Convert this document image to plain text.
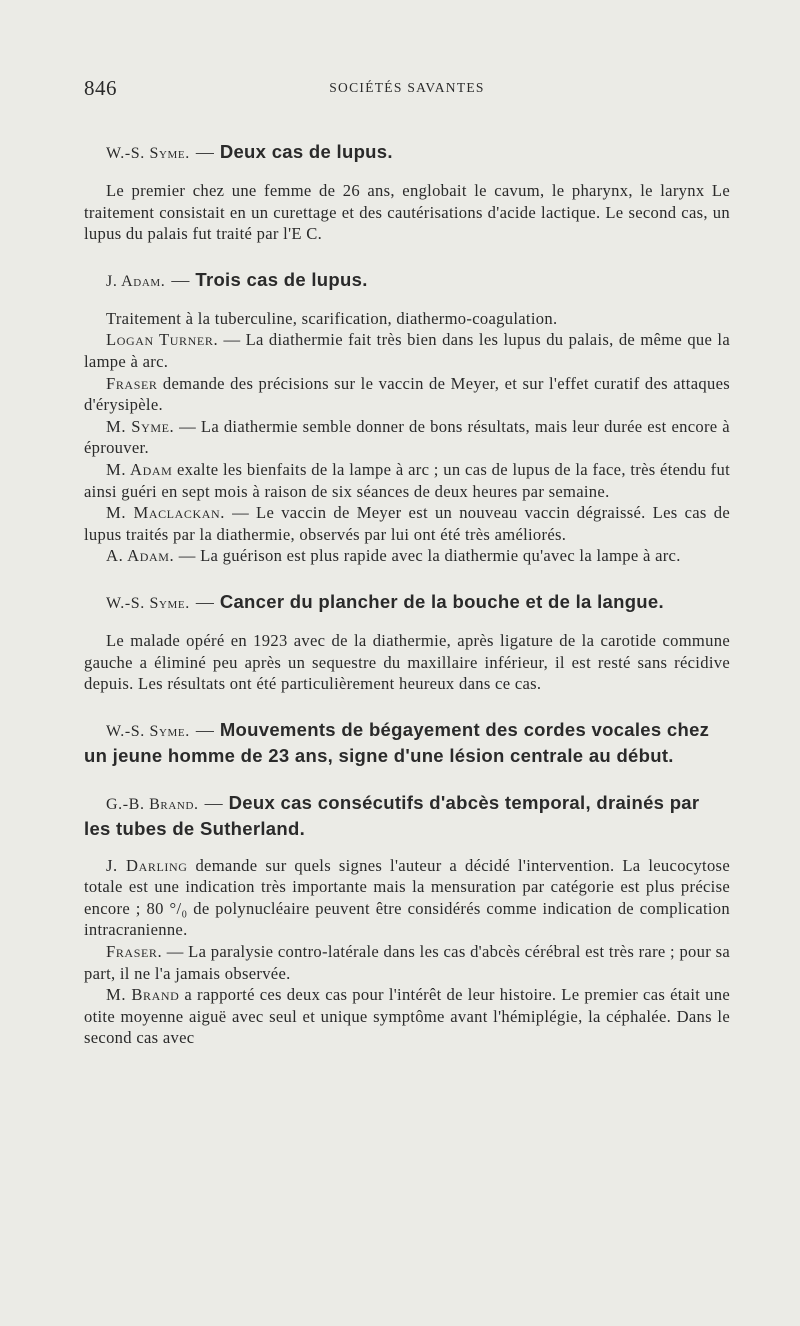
846	SOCIÉTÉS SAVANTES
W.-S. Syme. — Deux cas de lupus.

Le premier chez une femme de 26 ans, englobait le cavum, le pharynx, le larynx Le traitement consistait en un curettage et des cautérisations d'acide lactique. Le second cas, un lupus du palais fut traité par l'E C.

J. Adam. — Trois cas de lupus.

Traitement à la tuberculine, scarification, diathermo-coagulation.

Logan Turner. — La diathermie fait très bien dans les lupus du palais, de même que la lampe à arc.

Fraser demande des précisions sur le vaccin de Meyer, et sur l'effet curatif des attaques d'érysipèle.

M. Syme. — La diathermie semble donner de bons résultats, mais leur durée est encore à éprouver.

M. Adam exalte les bienfaits de la lampe à arc ; un cas de lupus de la face, très étendu fut ainsi guéri en sept mois à raison de six séances de deux heures par semaine.

M. Maclackan. — Le vaccin de Meyer est un nouveau vaccin dégraissé. Les cas de lupus traités par la diathermie, observés par lui ont été très améliorés.

A. Adam. — La guérison est plus rapide avec la diathermie qu'avec la lampe à arc.

W.-S. Syme. — Cancer du plancher de la bouche et de la langue.

Le malade opéré en 1923 avec de la diathermie, après ligature de la carotide commune gauche a éliminé peu après un sequestre du maxillaire inférieur, il est resté sans récidive depuis. Les résultats ont été particulièrement heureux dans ce cas.

W.-S. Syme. — Mouvements de bégayement des cordes vocales chez un jeune homme de 23 ans, signe d'une lésion centrale au début.
G.-B. Brand. — Deux cas consécutifs d'abcès temporal, drainés par les tubes de Sutherland.

J. Darling demande sur quels signes l'auteur a décidé l'intervention. La leucocytose totale est une indication très importante mais la mensuration par catégorie est plus précise encore ; 80 °/₀ de polynucléaire peuvent être considérés comme indication de complication intracranienne.

Fraser. — La paralysie contro-latérale dans les cas d'abcès cérébral est très rare ; pour sa part, il ne l'a jamais observée.

M. Brand a rapporté ces deux cas pour l'intérêt de leur histoire. Le premier cas était une otite moyenne aiguë avec seul et unique symptôme avant l'hémiplégie, la céphalée. Dans le second cas avec
